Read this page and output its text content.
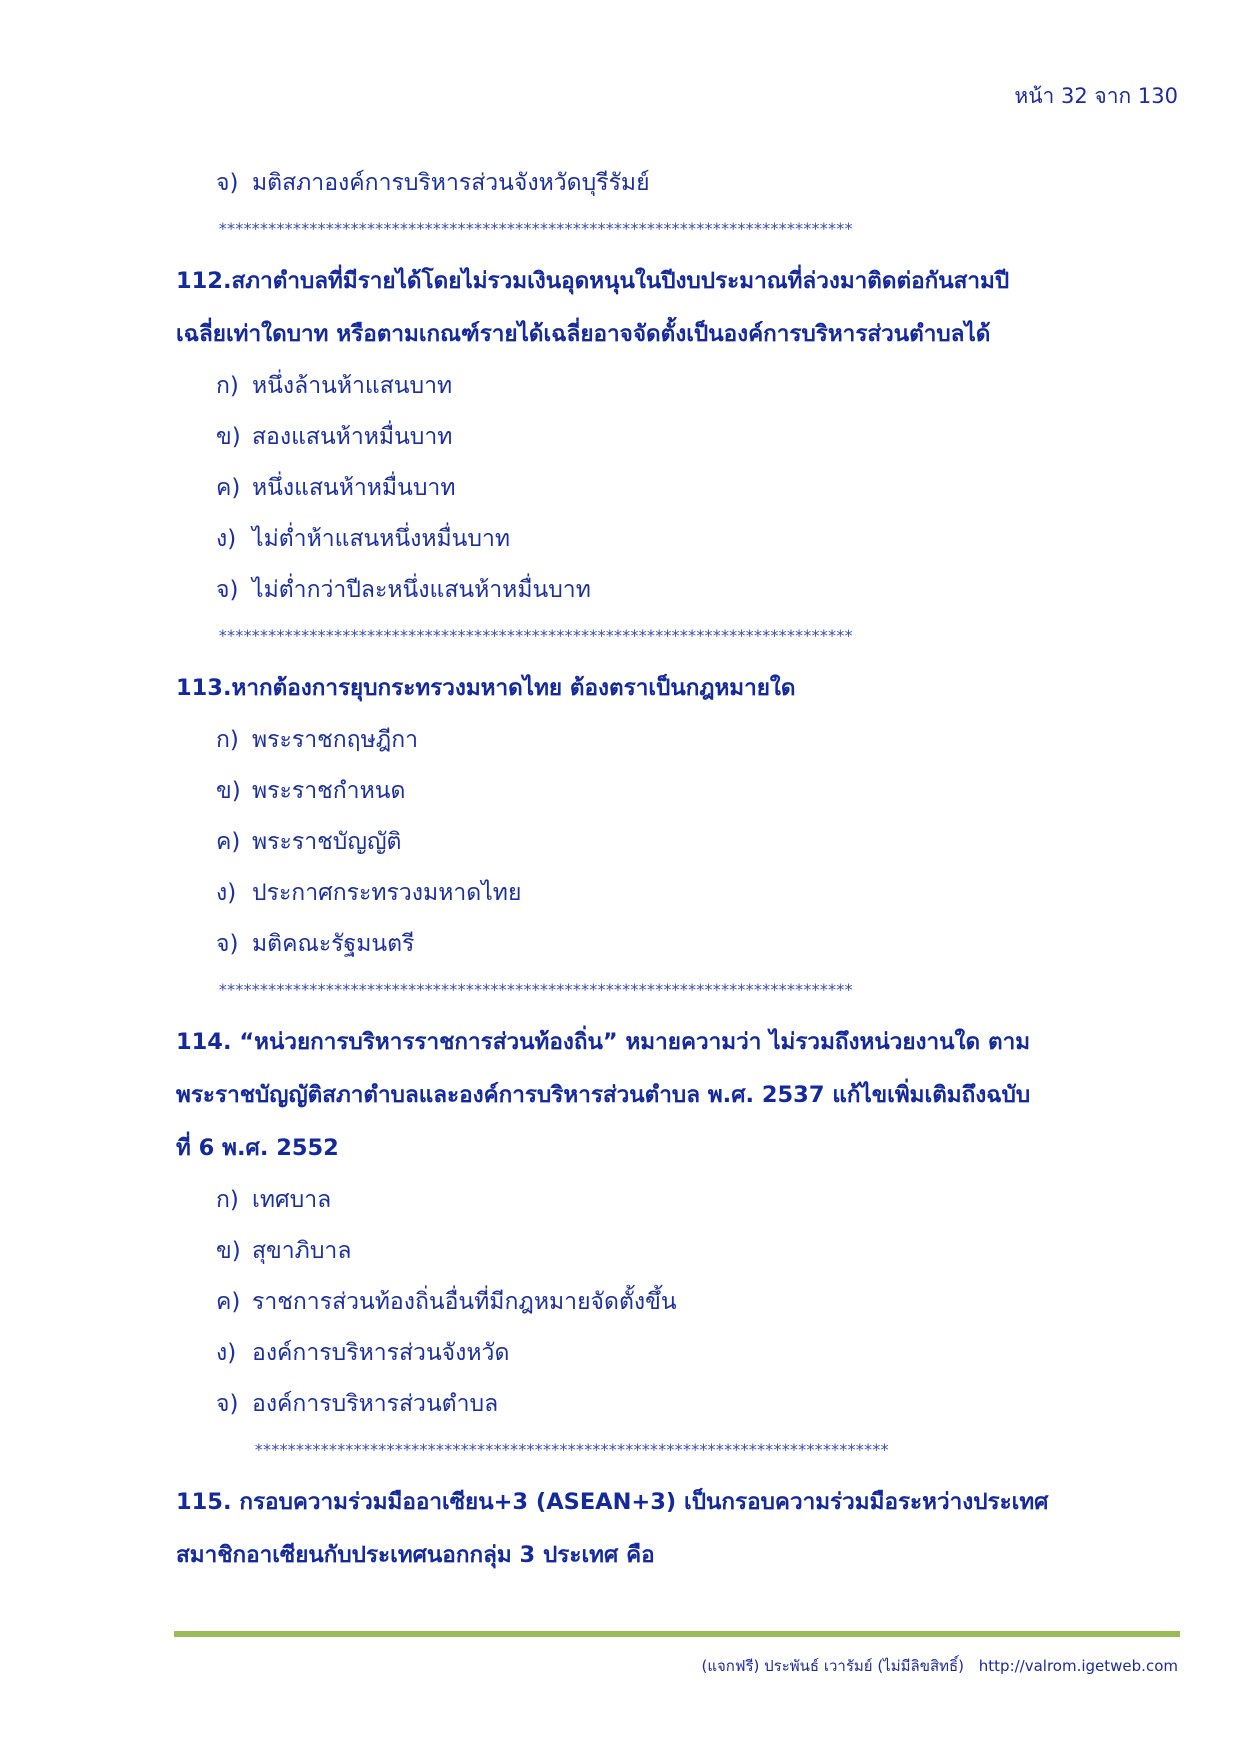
หน้า 32 จาก 130
จ) มติสภาองค์การบริหารส่วนจังหวัดบุรีรัมย์
*****************************************************************************
112.สภาตำบลที่มีรายได้โดยไม่รวมเงินอุดหนุนในปีงบประมาณที่ล่วงมาติดต่อกันสามปี
เฉลี่ยเท่าใดบาท หรือตามเกณฑ์รายได้เฉลี่ยอาจจัดตั้งเป็นองค์การบริหารส่วนตำบลได้
ก) หนึ่งล้านห้าแสนบาท
ข) สองแสนห้าหมื่นบาท
ค) หนึ่งแสนห้าหมื่นบาท
ง) ไม่ต่ำห้าแสนหนึ่งหมื่นบาท
จ) ไม่ต่ำกว่าปีละหนึ่งแสนห้าหมื่นบาท
*****************************************************************************
113.หากต้องการยุบกระทรวงมหาดไทย ต้องตราเป็นกฎหมายใด
ก) พระราชกฤษฎีกา
ข) พระราชกำหนด
ค) พระราชบัญญัติ
ง) ประกาศกระทรวงมหาดไทย
จ) มติคณะรัฐมนตรี
*****************************************************************************
114. “หน่วยการบริหารราชการส่วนท้องถิ่น” หมายความว่า ไม่รวมถึงหน่วยงานใด ตาม
พระราชบัญญัติสภาตำบลและองค์การบริหารส่วนตำบล พ.ศ. 2537 แก้ไขเพิ่มเติมถึงฉบับ
ที่ 6 พ.ศ. 2552
ก) เทศบาล
ข) สุขาภิบาล
ค) ราชการส่วนท้องถิ่นอื่นที่มีกฎหมายจัดตั้งขึ้น
ง) องค์การบริหารส่วนจังหวัด
จ) องค์การบริหารส่วนตำบล
*****************************************************************************
115. กรอบความร่วมมืออาเซียน+3 (ASEAN+3) เป็นกรอบความร่วมมือระหว่างประเทศ
สมาชิกอาเซียนกับประเทศนอกกลุ่ม 3 ประเทศ คือ
(แจกฟรี) ประพันธ์ เวารัมย์ (ไม่มีลิขสิทธิ์) http://valrom.igetweb.com
